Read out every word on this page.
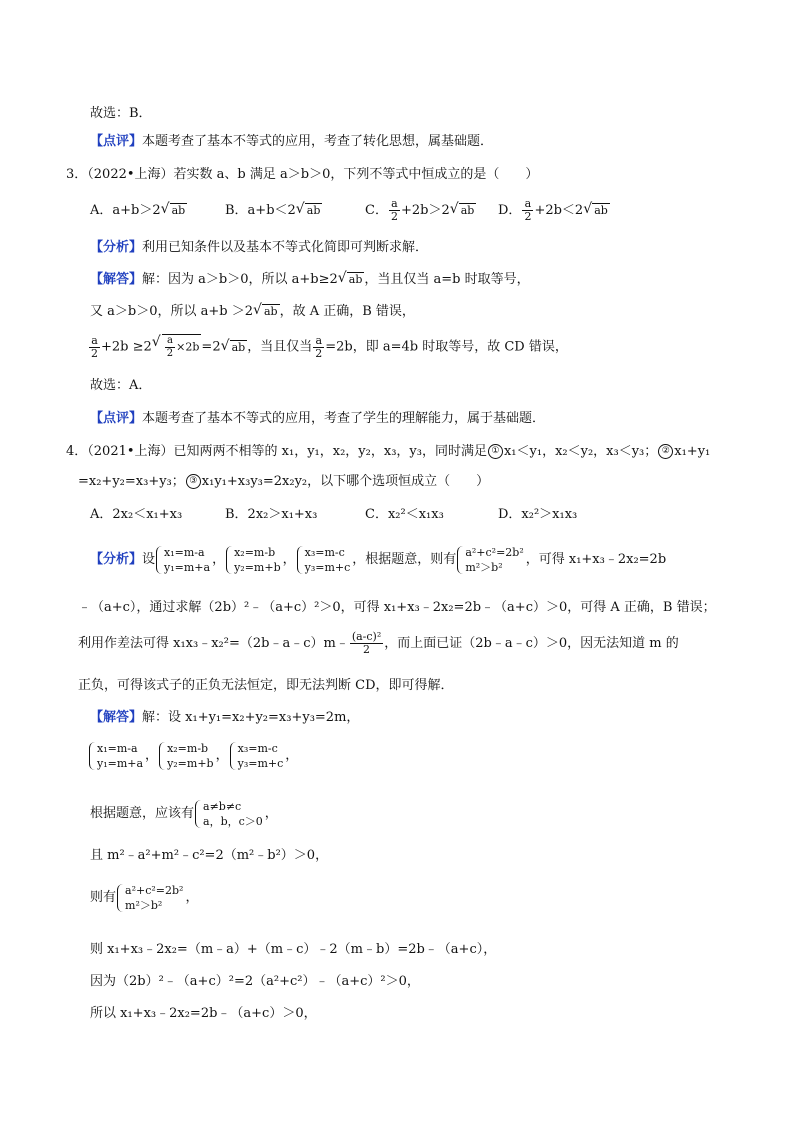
故选：B．
【点评】本题考查了基本不等式的应用，考查了转化思想，属基础题．
3．（2022•上海）若实数 a、b 满足 a＞b＞0，下列不等式中恒成立的是（　　）
A．a+b＞2√ ab	B．a+b＜2√ ab	C． $\frac{a}{2} +2b>2√$ ab D． $\frac{a}{2} +2b<2√$ ab
【分析】利用已知条件以及基本不等式化简即可判断求解．
【解答】解：因为 a＞b＞0，所以 a+b≥2√ ab ，当且仅当 a=b 时取等号，
又 a＞b＞0，所以 a+b ＞2√ ab ，故 A 正确，B 错误，
$\frac{a}{2} +2b \ge 2$
√ $\frac{a}{2} \times 2b =2√$ ab ，当且仅当 $\frac{a}{2} =2b$，即 a=4b 时取等号，故 CD 错误，
故选：A．
【点评】本题考查了基本不等式的应用，考查了学生的理解能力，属于基础题．
4．（2021•上海）已知两两不相等的 x₁，y₁，x₂，y₂，x₃，y₃，同时满足 ① x₁＜y₁，x₂＜y₂，x₃＜y₃； ② x₁+y₁
=x₂+y₂=x₃+y₃； ③ x₁y₁+x₃y₃=2x₂y₂，以下哪个选项恒成立（　　）
A．2x₂＜x₁+x₃	B．2x₂＞x₁+x₃	C．x₂²＜x₁x₃	D．x₂²＞x₁x₃
【分析】设 x₁=m-a
y₁=m+a ， x₂=m-b
y₂=m+b ， x₃=m-c
y₃=m+c ，根据题意，则有 a²+c²=2b²
m²＞b²	，可得 x₁+x₃﹣2x₂=2b
﹣（a+c），通过求解（2b）²﹣（a+c）²＞0，可得 x₁+x₃﹣2x₂=2b﹣（a+c）＞0，可得 A 正确，B 错误；
利用作差法可得 x₁x₃﹣x₂²=（2b﹣a﹣c）m﹣ $\frac{\text{(a-c)²}}{2}$ ，而上面已证（2b﹣a﹣c）＞0，因无法知道 m 的
正负，可得该式子的正负无法恒定，即无法判断 CD，即可得解．
【解答】解：设 x₁+y₁=x₂+y₂=x₃+y₃=2m，
x₁=m-a
y₁=m+a ， x₂=m-b
y₂=m+b ， x₃=m-c
y₃=m+c ，
根据题意，应该有 a≠b≠c
a，b，c＞0 ，
且 m²﹣a²+m²﹣c²=2（m²﹣b²）＞0，
则有 a²+c²=2b²
m²＞b²	，
则 x₁+x₃﹣2x₂=（m﹣a）+（m﹣c）﹣2（m﹣b）=2b﹣（a+c），
因为（2b）²﹣（a+c）²=2（a²+c²）﹣（a+c）²＞0，
所以 x₁+x₃﹣2x₂=2b﹣（a+c）＞0，
